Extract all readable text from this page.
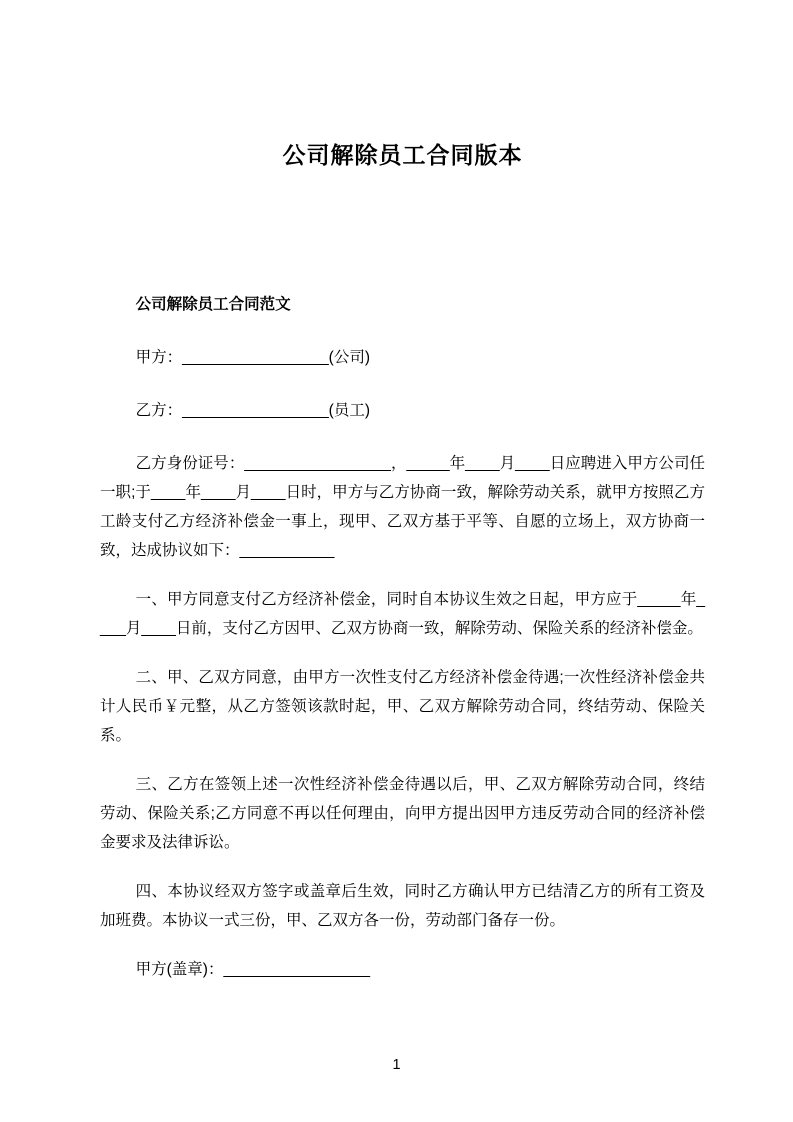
公司解除员工合同版本

公司解除员工合同范文

甲方：_________________(公司)

乙方：_________________(员工)

乙方身份证号：_________________，_____年____月____日应聘进入甲方公司任一职;于____年____月____日时，甲方与乙方协商一致，解除劳动关系，就甲方按照乙方工龄支付乙方经济补偿金一事上，现甲、乙双方基于平等、自愿的立场上，双方协商一致，达成协议如下：___________

一、甲方同意支付乙方经济补偿金，同时自本协议生效之日起，甲方应于_____年____月____日前，支付乙方因甲、乙双方协商一致，解除劳动、保险关系的经济补偿金。

二、甲、乙双方同意，由甲方一次性支付乙方经济补偿金待遇;一次性经济补偿金共计人民币￥元整，从乙方签领该款时起，甲、乙双方解除劳动合同，终结劳动、保险关系。

三、乙方在签领上述一次性经济补偿金待遇以后，甲、乙双方解除劳动合同，终结劳动、保险关系;乙方同意不再以任何理由，向甲方提出因甲方违反劳动合同的经济补偿金要求及法律诉讼。

四、本协议经双方签字或盖章后生效，同时乙方确认甲方已结清乙方的所有工资及加班费。本协议一式三份，甲、乙双方各一份，劳动部门备存一份。

甲方(盖章)：_________________

1
